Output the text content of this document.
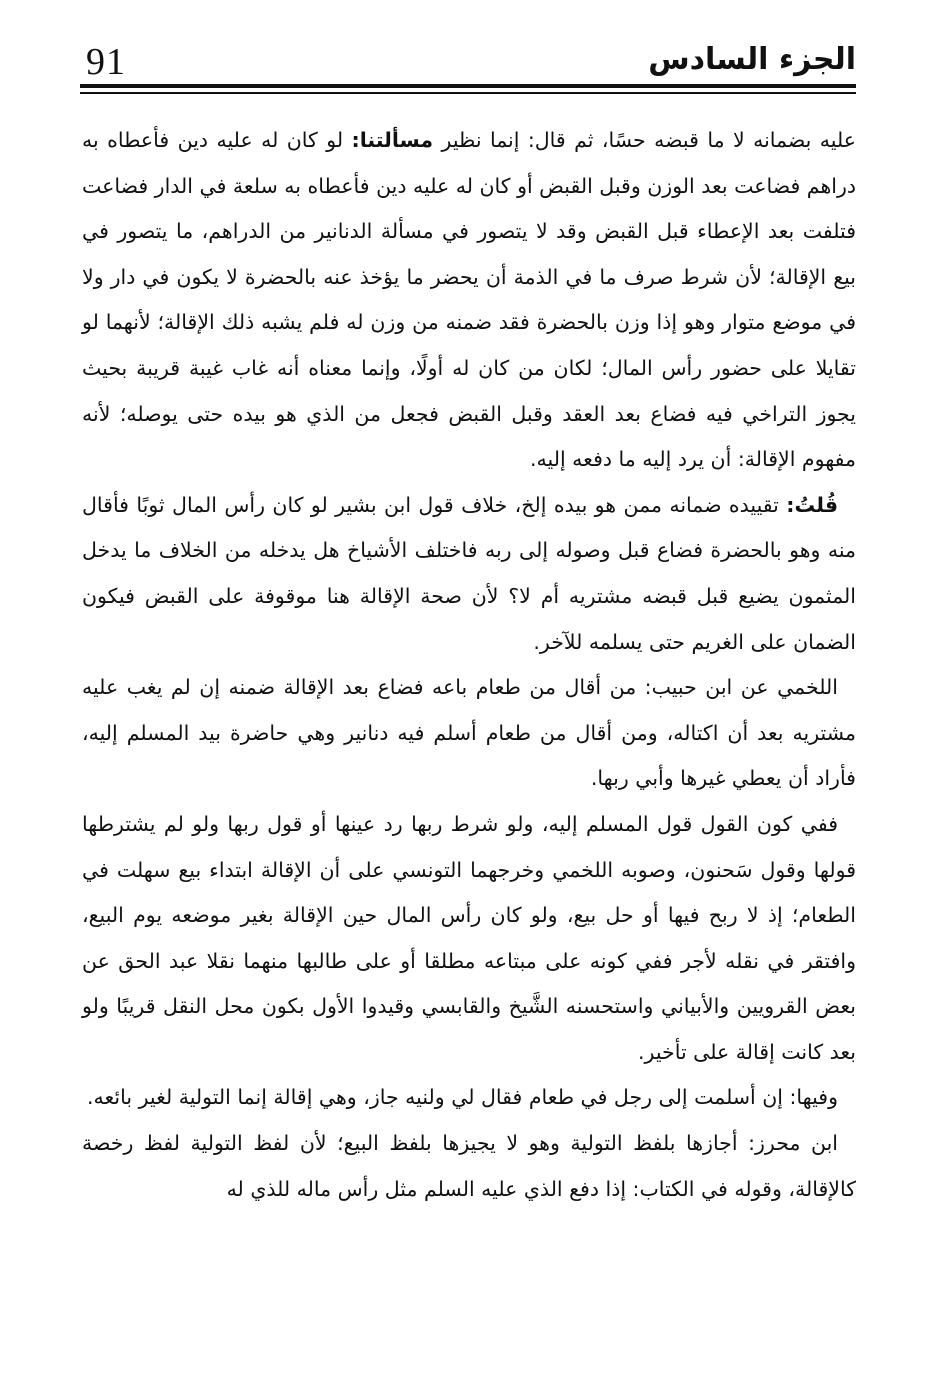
91	الجزء السادس

عليه بضمانه لا ما قبضه حسًا، ثم قال: إنما نظير مسألتنا: لو كان له عليه دين فأعطاه به دراهم فضاعت بعد الوزن وقبل القبض أو كان له عليه دين فأعطاه به سلعة في الدار فضاعت فتلفت بعد الإعطاء قبل القبض وقد لا يتصور في مسألة الدنانير من الدراهم، ما يتصور في بيع الإقالة؛ لأن شرط صرف ما في الذمة أن يحضر ما يؤخذ عنه بالحضرة لا يكون في دار ولا في موضع متوار وهو إذا وزن بالحضرة فقد ضمنه من وزن له فلم يشبه ذلك الإقالة؛ لأنهما لو تقايلا على حضور رأس المال؛ لكان من كان له أولًا، وإنما معناه أنه غاب غيبة قريبة بحيث يجوز التراخي فيه فضاع بعد العقد وقبل القبض فجعل من الذي هو بيده حتى يوصله؛ لأنه مفهوم الإقالة: أن يرد إليه ما دفعه إليه.

قُلتُ: تقييده ضمانه ممن هو بيده إلخ، خلاف قول ابن بشير لو كان رأس المال ثوبًا فأقال منه وهو بالحضرة فضاع قبل وصوله إلى ربه فاختلف الأشياخ هل يدخله من الخلاف ما يدخل المثمون يضيع قبل قبضه مشتريه أم لا؟ لأن صحة الإقالة هنا موقوفة على القبض فيكون الضمان على الغريم حتى يسلمه للآخر.

اللخمي عن ابن حبيب: من أقال من طعام باعه فضاع بعد الإقالة ضمنه إن لم يغب عليه مشتريه بعد أن اكتاله، ومن أقال من طعام أسلم فيه دنانير وهي حاضرة بيد المسلم إليه، فأراد أن يعطي غيرها وأبي ربها.

ففي كون القول قول المسلم إليه، ولو شرط ربها رد عينها أو قول ربها ولو لم يشترطها قولها وقول سَحنون، وصوبه اللخمي وخرجهما التونسي على أن الإقالة ابتداء بيع سهلت في الطعام؛ إذ لا ربح فيها أو حل بيع، ولو كان رأس المال حين الإقالة بغير موضعه يوم البيع، وافتقر في نقله لأجر ففي كونه على مبتاعه مطلقا أو على طالبها منهما نقلا عبد الحق عن بعض القرويين والأبياني واستحسنه الشَّيخ والقابسي وقيدوا الأول بكون محل النقل قريبًا ولو بعد كانت إقالة على تأخير.

وفيها: إن أسلمت إلى رجل في طعام فقال لي ولنيه جاز، وهي إقالة إنما التولية لغير بائعه.

ابن محرز: أجازها بلفظ التولية وهو لا يجيزها بلفظ البيع؛ لأن لفظ التولية لفظ رخصة كالإقالة، وقوله في الكتاب: إذا دفع الذي عليه السلم مثل رأس ماله للذي له
